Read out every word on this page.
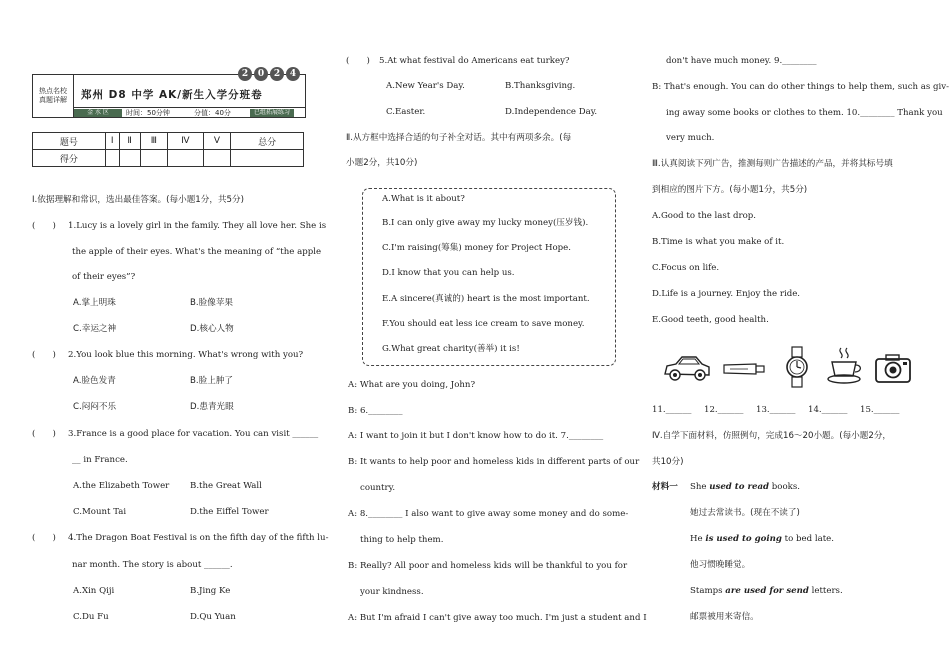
2	0	2	4
热点名校
真题详解	郑州 D8 中学 AK/新生入学分班卷
金 水 区	时间：50分钟	分值：40分	已组拓展练习
题号	Ⅰ	Ⅱ	Ⅲ	Ⅳ	Ⅴ	总分
得分						
Ⅰ.依据理解和常识，选出最佳答案。(每小题1分，共5分)
(　　) 1.Lucy is a lovely girl in the family. They all love her. She is
the apple of their eyes. What's the meaning of “the apple
of their eyes”?
A.掌上明珠	B.脸像苹果
C.幸运之神	D.核心人物
(　　) 2.You look blue this morning. What's wrong with you?
A.脸色发青	B.脸上肿了
C.闷闷不乐	D.患青光眼
(　　) 3.France is a good place for vacation. You can visit ______
__ in France.
A.the Elizabeth Tower B.the Great Wall
C.Mount Tai	D.the Eiffel Tower
(　　) 4.The Dragon Boat Festival is on the fifth day of the fifth lu-
nar month. The story is about ______.
A.Xin Qiji	B.Jing Ke
C.Du Fu	D.Qu Yuan
(　　) 5.At what festival do Americans eat turkey?
A.New Year's Day.	B.Thanksgiving.
C.Easter.	D.Independence Day.
Ⅱ.从方框中选择合适的句子补全对话。其中有两项多余。(每
小题2分，共10分)
A.What is it about?
B.I can only give away my lucky money(压岁钱).
C.I'm raising(筹集) money for Project Hope.
D.I know that you can help us.
E.A sincere(真诚的) heart is the most important.
F.You should eat less ice cream to save money.
G.What great charity(善举) it is!
A: What are you doing, John?
B: 6.________
A: I want to join it but I don't know how to do it. 7.________
B: It wants to help poor and homeless kids in different parts of our
country.
A: 8.________ I also want to give away some money and do some-
thing to help them.
B: Really? All poor and homeless kids will be thankful to you for
your kindness.
A: But I'm afraid I can't give away too much. I'm just a student and I
don't have much money. 9.________
B: That's enough. You can do other things to help them, such as giv-
ing away some books or clothes to them. 10.________ Thank you
very much.
Ⅲ.认真阅读下列广告，推测每则广告描述的产品，并将其标号填
到相应的图片下方。(每小题1分，共5分)
A.Good to the last drop.
B.Time is what you make of it.
C.Focus on life.
D.Life is a journey. Enjoy the ride.
E.Good teeth, good health.
11.______ 12.______ 13.______ 14.______ 15.______
Ⅳ.自学下面材料，仿照例句，完成16～20小题。(每小题2分，
共10分)
材料一 She used to read books.
她过去常读书。(现在不读了)
He is used to going to bed late.
他习惯晚睡觉。
Stamps are used for send letters.
邮票被用来寄信。
